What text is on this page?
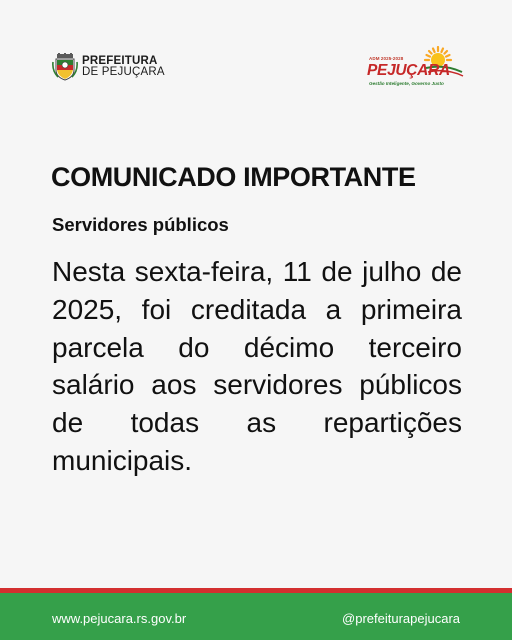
PREFEITURA
DE PEJUÇARA
ADM 2025-2028
PEJUÇARA
Gestão Inteligente, Governo Justo
COMUNICADO IMPORTANTE
Servidores públicos
Nesta sexta-feira, 11 de julho de 2025, foi creditada a primeira parcela do décimo terceiro salário aos servidores públicos de todas as repartições municipais.
www.pejucara.rs.gov.br	@prefeiturapejucara
